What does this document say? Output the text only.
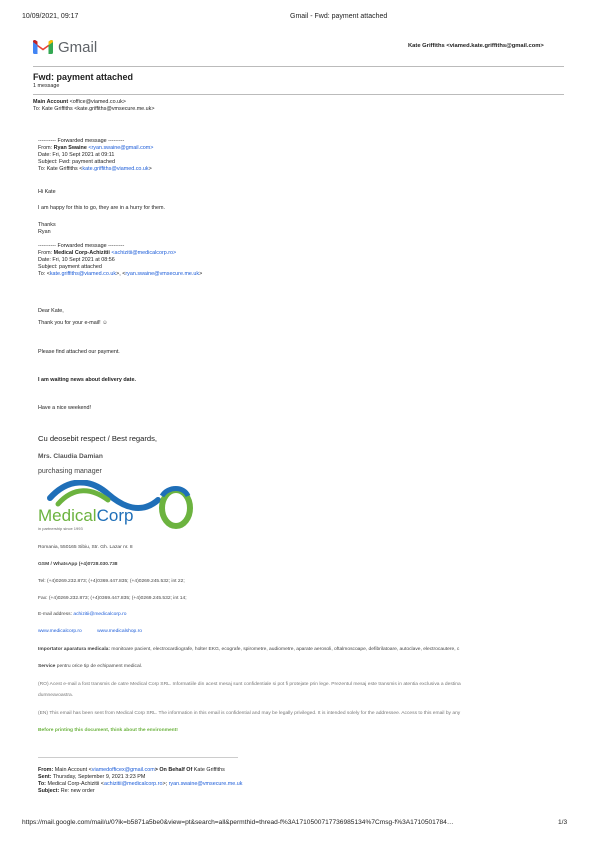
10/09/2021, 09:17	Gmail - Fwd: payment attached
Gmail	Kate Griffiths <viamed.kate.griffiths@gmail.com>
Fwd: payment attached
1 message
Main Account <office@viamed.co.uk>
To: Kate Griffiths <kate.griffiths@vmsecure.me.uk>
---------- Forwarded message ---------
From: Ryan Swaine <ryan.swaine@gmail.com>
Date: Fri, 10 Sept 2021 at 09:11
Subject: Fwd: payment attached
To: Kate Griffiths <kate.griffiths@viamed.co.uk>
Hi Kate
I am happy for this to go, they are in a hurry for them.
Thanks
Ryan
---------- Forwarded message ---------
From: Medical Corp-Achizitii <achizitii@medicalcorp.ro>
Date: Fri, 10 Sept 2021 at 08:56
Subject: payment attached
To: <kate.griffiths@viamed.co.uk>, <ryan.swaine@vmsecure.me.uk>
Dear Kate,
Thank you for your e-mail! ☺
Please find attached our payment.
I am waiting news about delivery date.
Have a nice weekend!
Cu deosebit respect / Best regards,
Mrs. Claudia Damian
purchasing manager
MedicalCorp
in partnership since 1993
Romania, 550165 Sibiu, Str. Gh. Lazar nr. 8
GSM / WhatsApp (+4)0728.030.738
Tel: (+4)0269.232.873; (+4)0369.447.835; (+4)0269.245.532; int 22;
Fax: (+4)0269.232.873; (+4)0369.447.835; (+4)0269.245.532; int 14;
E-mail address: achizitii@medicalcorp.ro
www.medicalcorp.ro	www.medicalshop.ro
Importator aparatura medicala: monitoare pacient, electrocardiografe, holter EKG, ecografe, spirometre, audiometre, aparate aerosoli, oftalmoscoape, defibrilatoare, autoclave, electrocautere, c
Service pentru orice tip de echipament medical.
(RO) Acest e-mail a fost transmis de catre Medical Corp SRL. Informatiile din acest mesaj sunt confidentiale si pot fi protejate prin lege. Prezentul mesaj este transmis in atentia exclusiva a destina
dumneavoastra.
(EN) This email has been sent from Medical Corp SRL. The information in this email is confidential and may be legally privileged. It is intended solely for the addressee. Access to this email by any
Before printing this document, think about the environment!
From: Main Account <viamedofficex@gmail.com> On Behalf Of Kate Griffiths
Sent: Thursday, September 9, 2021 3:23 PM
To: Medical Corp-Achizitii <achizitii@medicalcorp.ro>; ryan.swaine@vmsecure.me.uk
Subject: Re: new order
https://mail.google.com/mail/u/0?ik=b5871a5be0&view=pt&search=all&permthid=thread-f%3A1710500717736985134%7Cmsg-f%3A1710501784…	1/3
